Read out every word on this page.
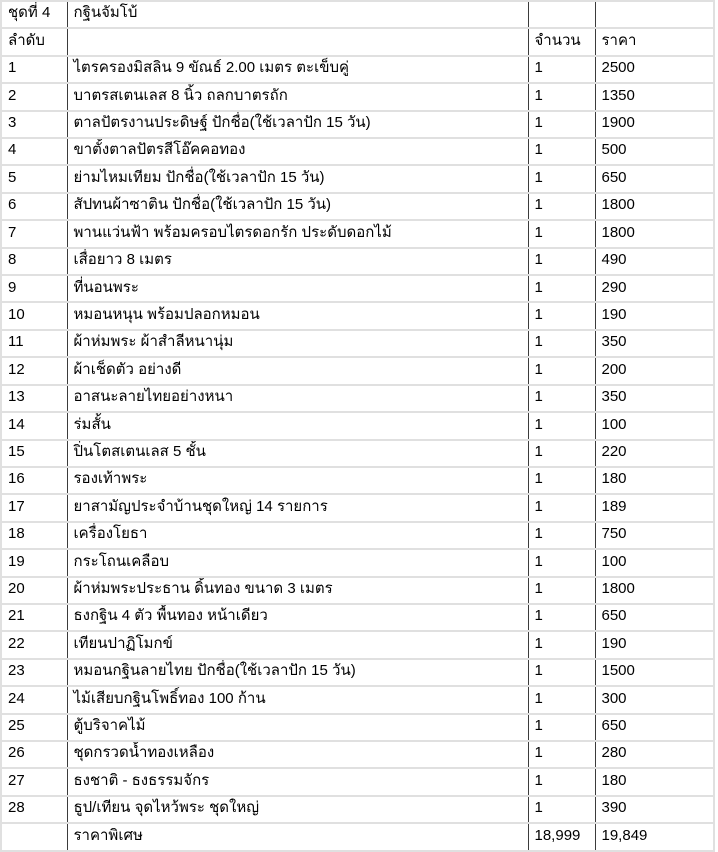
ชุดที่ 4	กฐินจัมโบ้		
ลำดับ		จำนวน	ราคา
1	ไตรครองมิสลิน 9 ขัณธ์ 2.00 เมตร ตะเข็บคู่	1	2500
2	บาตรสเตนเลส 8 นิ้ว ถลกบาตรถัก	1	1350
3	ตาลปัตรงานประดิษฐ์ ปักชื่อ(ใช้เวลาปัก 15 วัน)	1	1900
4	ขาตั้งตาลปัตรสีโอ๊คคอทอง	1	500
5	ย่ามไหมเทียม ปักชื่อ(ใช้เวลาปัก 15 วัน)	1	650
6	สัปทนผ้าซาติน ปักชื่อ(ใช้เวลาปัก 15 วัน)	1	1800
7	พานแว่นฟ้า พร้อมครอบไตรดอกรัก ประดับดอกไม้	1	1800
8	เสื่อยาว 8 เมตร	1	490
9	ที่นอนพระ	1	290
10	หมอนหนุน พร้อมปลอกหมอน	1	190
11	ผ้าห่มพระ ผ้าสำลีหนานุ่ม	1	350
12	ผ้าเช็ดตัว อย่างดี	1	200
13	อาสนะลายไทยอย่างหนา	1	350
14	ร่มสั้น	1	100
15	ปิ่นโตสเตนเลส 5 ชั้น	1	220
16	รองเท้าพระ	1	180
17	ยาสามัญประจำบ้านชุดใหญ่ 14 รายการ	1	189
18	เครื่องโยธา	1	750
19	กระโถนเคลือบ	1	100
20	ผ้าห่มพระประธาน ดิ้นทอง ขนาด 3 เมตร	1	1800
21	ธงกฐิน 4 ตัว พื้นทอง หน้าเดียว	1	650
22	เทียนปาฏิโมกข์	1	190
23	หมอนกฐินลายไทย ปักชื่อ(ใช้เวลาปัก 15 วัน)	1	1500
24	ไม้เสียบกฐินโพธิ์ทอง 100 ก้าน	1	300
25	ตู้บริจาคไม้	1	650
26	ชุดกรวดน้ำทองเหลือง	1	280
27	ธงชาติ - ธงธรรมจักร	1	180
28	ธูป/เทียน จุดไหว้พระ ชุดใหญ่	1	390
	ราคาพิเศษ	18,999	19,849
